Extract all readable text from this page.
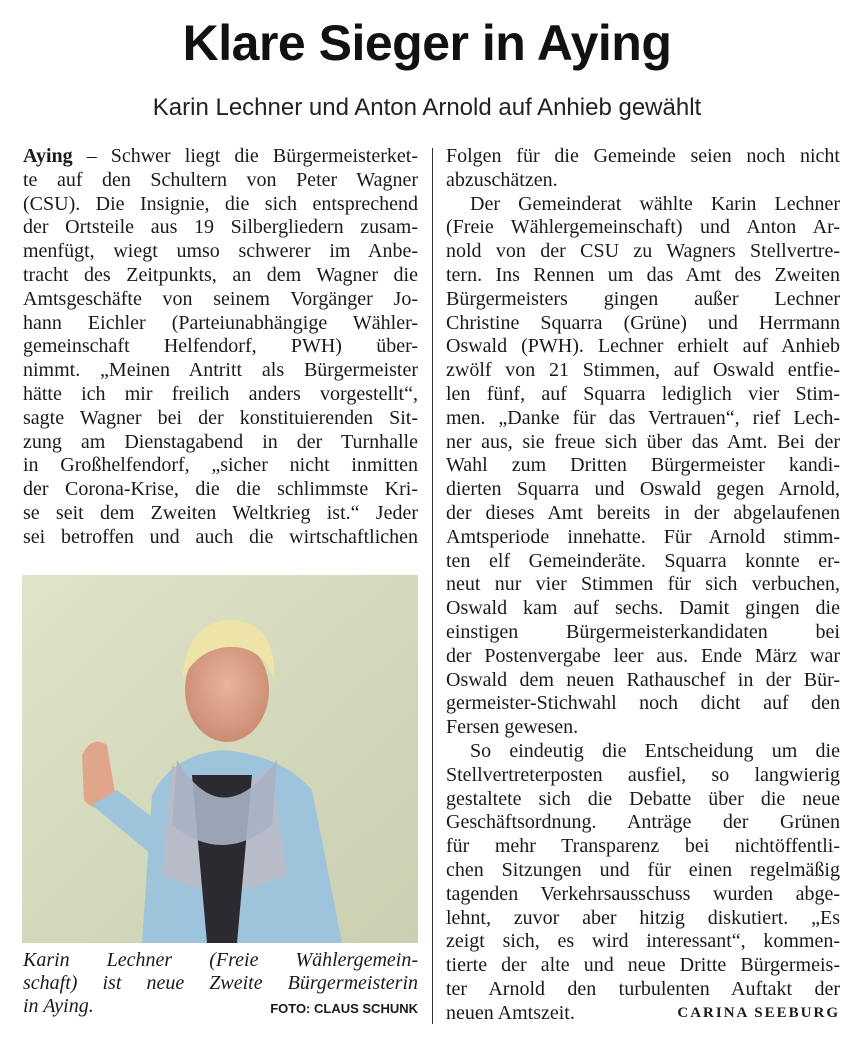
Klare Sieger in Aying
Karin Lechner und Anton Arnold auf Anhieb gewählt
Aying – Schwer liegt die Bürgermeisterket-
te auf den Schultern von Peter Wagner
(CSU). Die Insignie, die sich entsprechend
der Ortsteile aus 19 Silbergliedern zusam-
menfügt, wiegt umso schwerer im Anbe-
tracht des Zeitpunkts, an dem Wagner die
Amtsgeschäfte von seinem Vorgänger Jo-
hann Eichler (Parteiunabhängige Wähler-
gemeinschaft Helfendorf, PWH) über-
nimmt. „Meinen Antritt als Bürgermeister
hätte ich mir freilich anders vorgestellt“,
sagte Wagner bei der konstituierenden Sit-
zung am Dienstagabend in der Turnhalle
in Großhelfendorf, „sicher nicht inmitten
der Corona-Krise, die die schlimmste Kri-
se seit dem Zweiten Weltkrieg ist.“ Jeder
sei betroffen und auch die wirtschaftlichen
Karin Lechner (Freie Wählergemein-
schaft) ist neue Zweite Bürgermeisterin
in Aying.	FOTO: CLAUS SCHUNK
Folgen für die Gemeinde seien noch nicht
abzuschätzen.
Der Gemeinderat wählte Karin Lechner
(Freie Wählergemeinschaft) und Anton Ar-
nold von der CSU zu Wagners Stellvertre-
tern. Ins Rennen um das Amt des Zweiten
Bürgermeisters gingen außer Lechner
Christine Squarra (Grüne) und Herrmann
Oswald (PWH). Lechner erhielt auf Anhieb
zwölf von 21 Stimmen, auf Oswald entfie-
len fünf, auf Squarra lediglich vier Stim-
men. „Danke für das Vertrauen“, rief Lech-
ner aus, sie freue sich über das Amt. Bei der
Wahl zum Dritten Bürgermeister kandi-
dierten Squarra und Oswald gegen Arnold,
der dieses Amt bereits in der abgelaufenen
Amtsperiode innehatte. Für Arnold stimm-
ten elf Gemeinderäte. Squarra konnte er-
neut nur vier Stimmen für sich verbuchen,
Oswald kam auf sechs. Damit gingen die
einstigen Bürgermeisterkandidaten bei
der Postenvergabe leer aus. Ende März war
Oswald dem neuen Rathauschef in der Bür-
germeister-Stichwahl noch dicht auf den
Fersen gewesen.
So eindeutig die Entscheidung um die
Stellvertreterposten ausfiel, so langwierig
gestaltete sich die Debatte über die neue
Geschäftsordnung. Anträge der Grünen
für mehr Transparenz bei nichtöffentli-
chen Sitzungen und für einen regelmäßig
tagenden Verkehrsausschuss wurden abge-
lehnt, zuvor aber hitzig diskutiert. „Es
zeigt sich, es wird interessant“, kommen-
tierte der alte und neue Dritte Bürgermeis-
ter Arnold den turbulenten Auftakt der
neuen Amtszeit.	CARINA SEEBURG
